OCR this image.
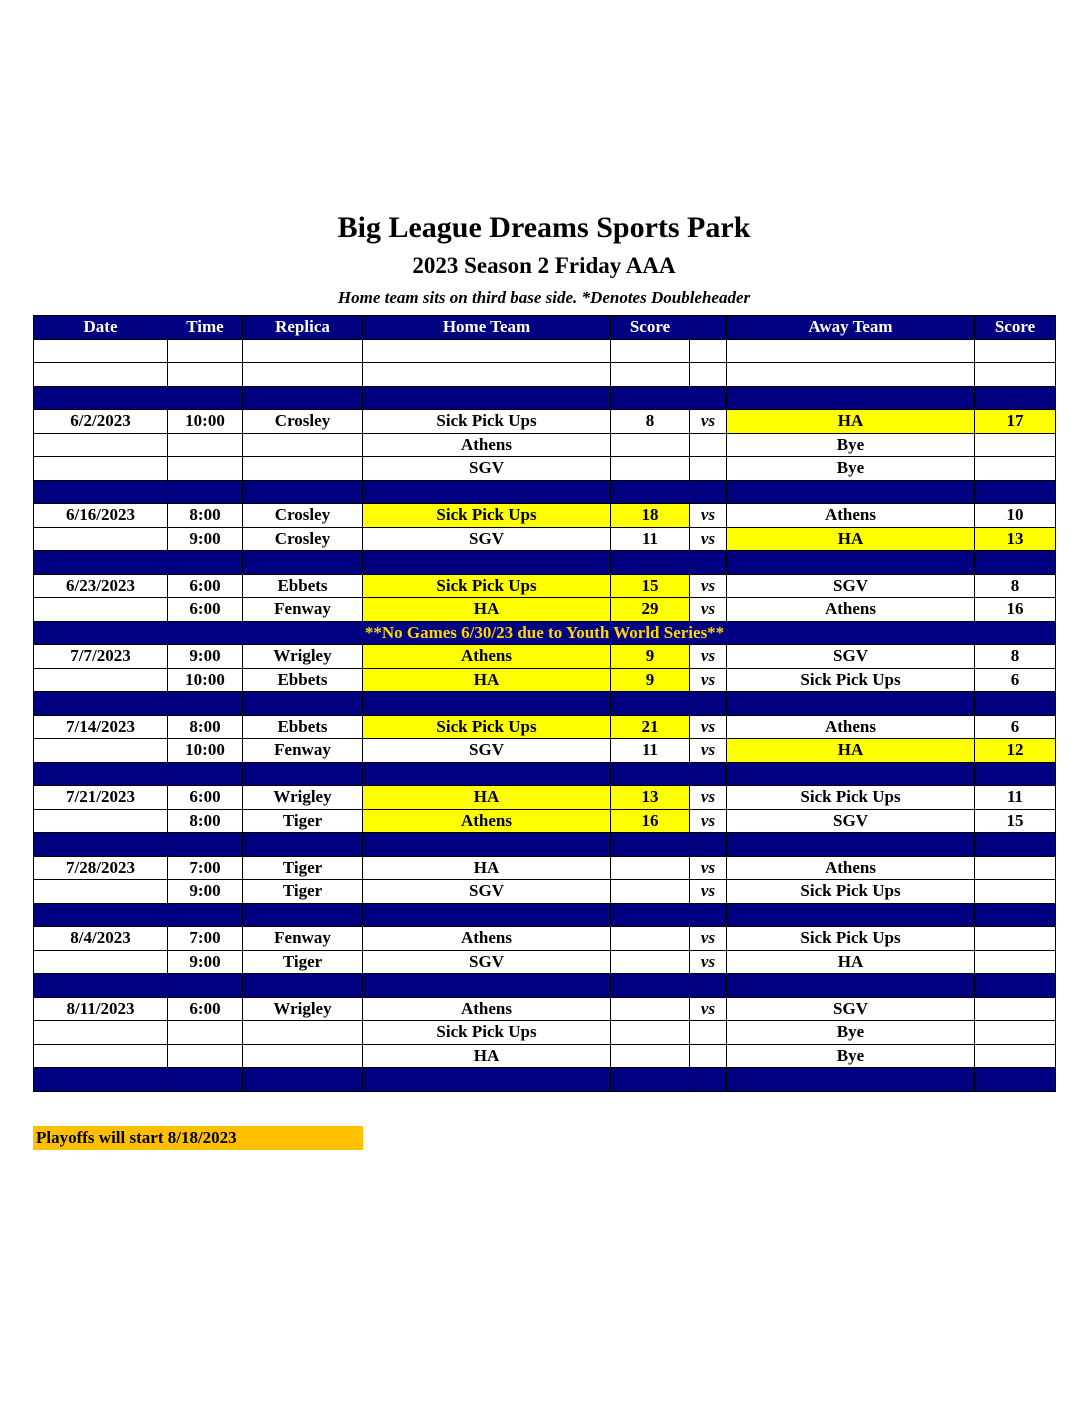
Big League Dreams Sports Park
2023 Season 2 Friday AAA
Home team sits on third base side. *Denotes Doubleheader
Date	Time	Replica	Home Team	Score		Away Team	Score

6/2/2023	10:00	Crosley	Sick Pick Ups	8	vs	HA	17
			Athens			Bye	
			SGV			Bye	

6/16/2023	8:00	Crosley	Sick Pick Ups	18	vs	Athens	10
	9:00	Crosley	SGV	11	vs	HA	13

6/23/2023	6:00	Ebbets	Sick Pick Ups	15	vs	SGV	8
	6:00	Fenway	HA	29	vs	Athens	16
**No Games 6/30/23 due to Youth World Series**							
7/7/2023	9:00	Wrigley	Athens	9	vs	SGV	8
	10:00	Ebbets	HA	9	vs	Sick Pick Ups	6

7/14/2023	8:00	Ebbets	Sick Pick Ups	21	vs	Athens	6
	10:00	Fenway	SGV	11	vs	HA	12

7/21/2023	6:00	Wrigley	HA	13	vs	Sick Pick Ups	11
	8:00	Tiger	Athens	16	vs	SGV	15

7/28/2023	7:00	Tiger	HA		vs	Athens	
	9:00	Tiger	SGV		vs	Sick Pick Ups	

8/4/2023	7:00	Fenway	Athens		vs	Sick Pick Ups	
	9:00	Tiger	SGV		vs	HA	

8/11/2023	6:00	Wrigley	Athens		vs	SGV	
			Sick Pick Ups			Bye	
			HA			Bye	

Playoffs will start 8/18/2023
